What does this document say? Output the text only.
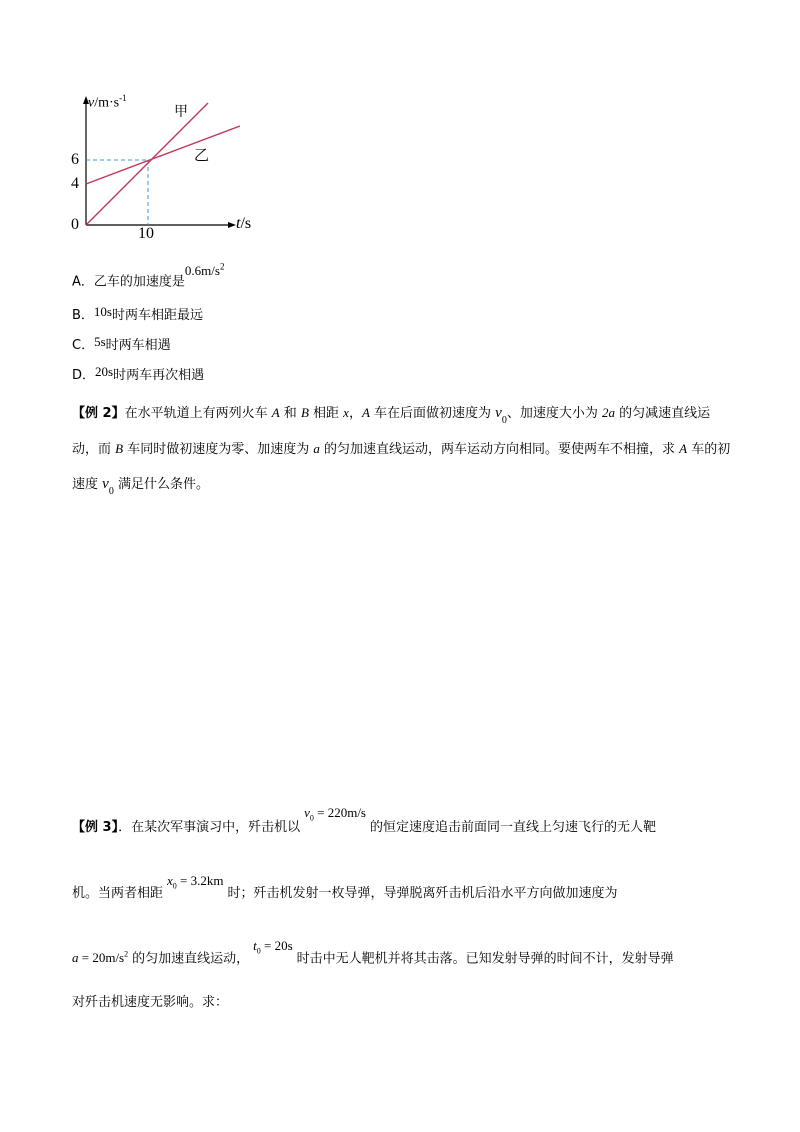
$v/m\cdot s^{-1}$
甲
乙
6
4
0
10
t/s
A．乙车的加速度是$0.6m/s^2$
B．10s时两车相距最远
C．5s时两车相遇
D．20s时两车再次相遇
【例 2】在水平轨道上有两列火车 A 和 B 相距 x，A 车在后面做初速度为 $v_0$、加速度大小为 2a 的匀减速直线运动，而 B 车同时做初速度为零、加速度为 a 的匀加速直线运动，两车运动方向相同。要使两车不相撞，求 A 车的初速度 $v_0$ 满足什么条件。
【例 3】．在某次军事演习中，歼击机以$v_0 = 220m/s$的恒定速度追击前面同一直线上匀速飞行的无人靶
机。当两者相距$x_0 = 3.2km$时；歼击机发射一枚导弹，导弹脱离歼击机后沿水平方向做加速度为
$a = 20m/s^2$ 的匀加速直线运动，$t_0 = 20s$时击中无人靶机并将其击落。已知发射导弹的时间不计，发射导弹
对歼击机速度无影响。求：
